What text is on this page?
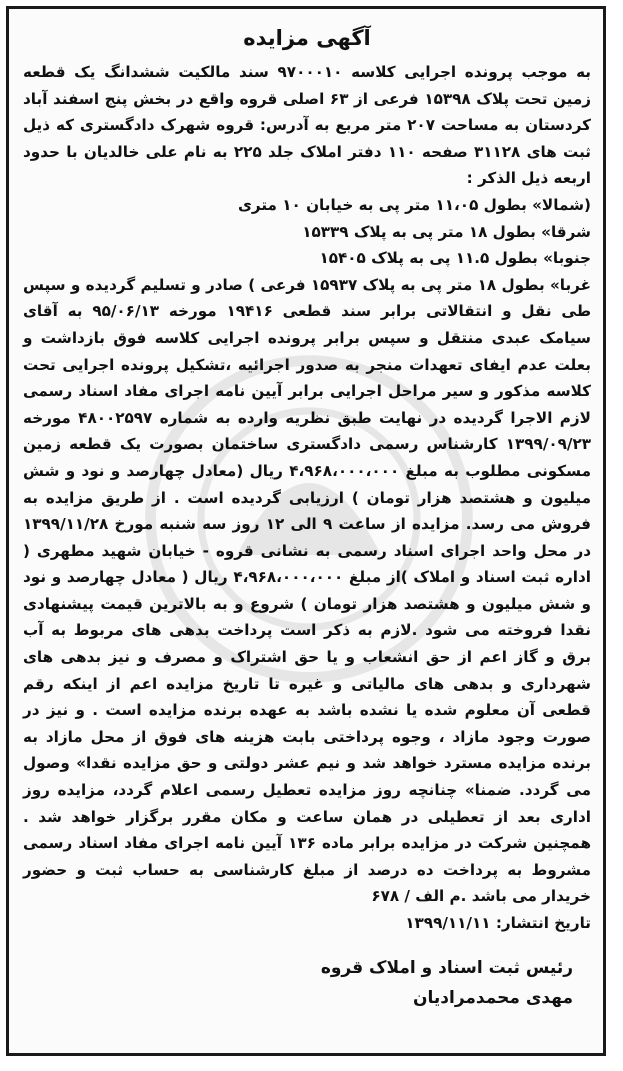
آگهی مزایده

به موجب پرونده اجرایی کلاسه ۹۷۰۰۰۱۰ سند مالکیت ششدانگ یک قطعه زمین تحت پلاک ۱۵۳۹۸ فرعی از ۶۳ اصلی قروه واقع در بخش پنج اسفند آباد کردستان به مساحت ۲۰۷ متر مربع به آدرس: قروه شهرک دادگستری که ذیل ثبت های ۳۱۱۲۸ صفحه ۱۱۰ دفتر املاک جلد ۲۲۵ به نام علی خالدیان با حدود اربعه ذیل الذکر :

(شمالا» بطول ۱۱،۰۵ متر پی به خیابان ۱۰ متری

شرقا» بطول ۱۸ متر پی به پلاک ۱۵۳۳۹

جنوبا» بطول ۱۱.۵ پی به پلاک ۱۵۴۰۵

غربا» بطول ۱۸ متر پی به پلاک ۱۵۹۳۷ فرعی ) صادر و تسلیم گردیده و سپس طی نقل و انتقالاتی برابر سند قطعی ۱۹۴۱۶ مورخه ۹۵/۰۶/۱۳ به آقای سیامک عبدی منتقل و سپس برابر پرونده اجرایی کلاسه فوق بازداشت و بعلت عدم ایفای تعهدات منجر به صدور اجرائیه ،تشکیل پرونده اجرایی تحت کلاسه مذکور و سیر مراحل اجرایی برابر آیین نامه اجرای مفاد اسناد رسمی لازم الاجرا گردیده در نهایت طبق نظریه وارده به شماره ۴۸۰۰۲۵۹۷ مورخه ۱۳۹۹/۰۹/۲۳ کارشناس رسمی دادگستری ساختمان بصورت یک قطعه زمین مسکونی مطلوب به مبلغ ۴،۹۶۸،۰۰۰،۰۰۰ ریال (معادل چهارصد و نود و شش میلیون و هشتصد هزار تومان ) ارزیابی گردیده است . از طریق مزایده به فروش می رسد. مزایده از ساعت ۹ الی ۱۲ روز سه شنبه مورخ ۱۳۹۹/۱۱/۲۸ در محل واحد اجرای اسناد رسمی به نشانی قروه - خیابان شهید مطهری ( اداره ثبت اسناد و املاک )از مبلغ ۴،۹۶۸،۰۰۰،۰۰۰ ریال ( معادل چهارصد و نود و شش میلیون و هشتصد هزار تومان ) شروع و به بالاترین قیمت پیشنهادی نقدا فروخته می شود .لازم به ذکر است پرداخت بدهی های مربوط به آب برق و گاز اعم از حق انشعاب و یا حق اشتراک و مصرف و نیز بدهی های شهرداری و بدهی های مالیاتی و غیره تا تاریخ مزایده اعم از اینکه رقم قطعی آن معلوم شده یا نشده باشد به عهده برنده مزایده است . و نیز در صورت وجود مازاد ، وجوه پرداختی بابت هزینه های فوق از محل مازاد به برنده مزایده مسترد خواهد شد و نیم عشر دولتی و حق مزایده نقدا» وصول می گردد. ضمنا» چنانچه روز مزایده تعطیل رسمی اعلام گردد، مزایده روز اداری بعد از تعطیلی در همان ساعت و مکان مقرر برگزار خواهد شد . همچنین شرکت در مزایده برابر ماده ۱۳۶ آیین نامه اجرای مفاد اسناد رسمی مشروط به پرداخت ده درصد از مبلغ کارشناسی به حساب ثبت و حضور خریدار می باشد .م الف / ۶۷۸

تاریخ انتشار: ۱۳۹۹/۱۱/۱۱

رئیس ثبت اسناد و املاک قروه
مهدی محمدمرادیان
